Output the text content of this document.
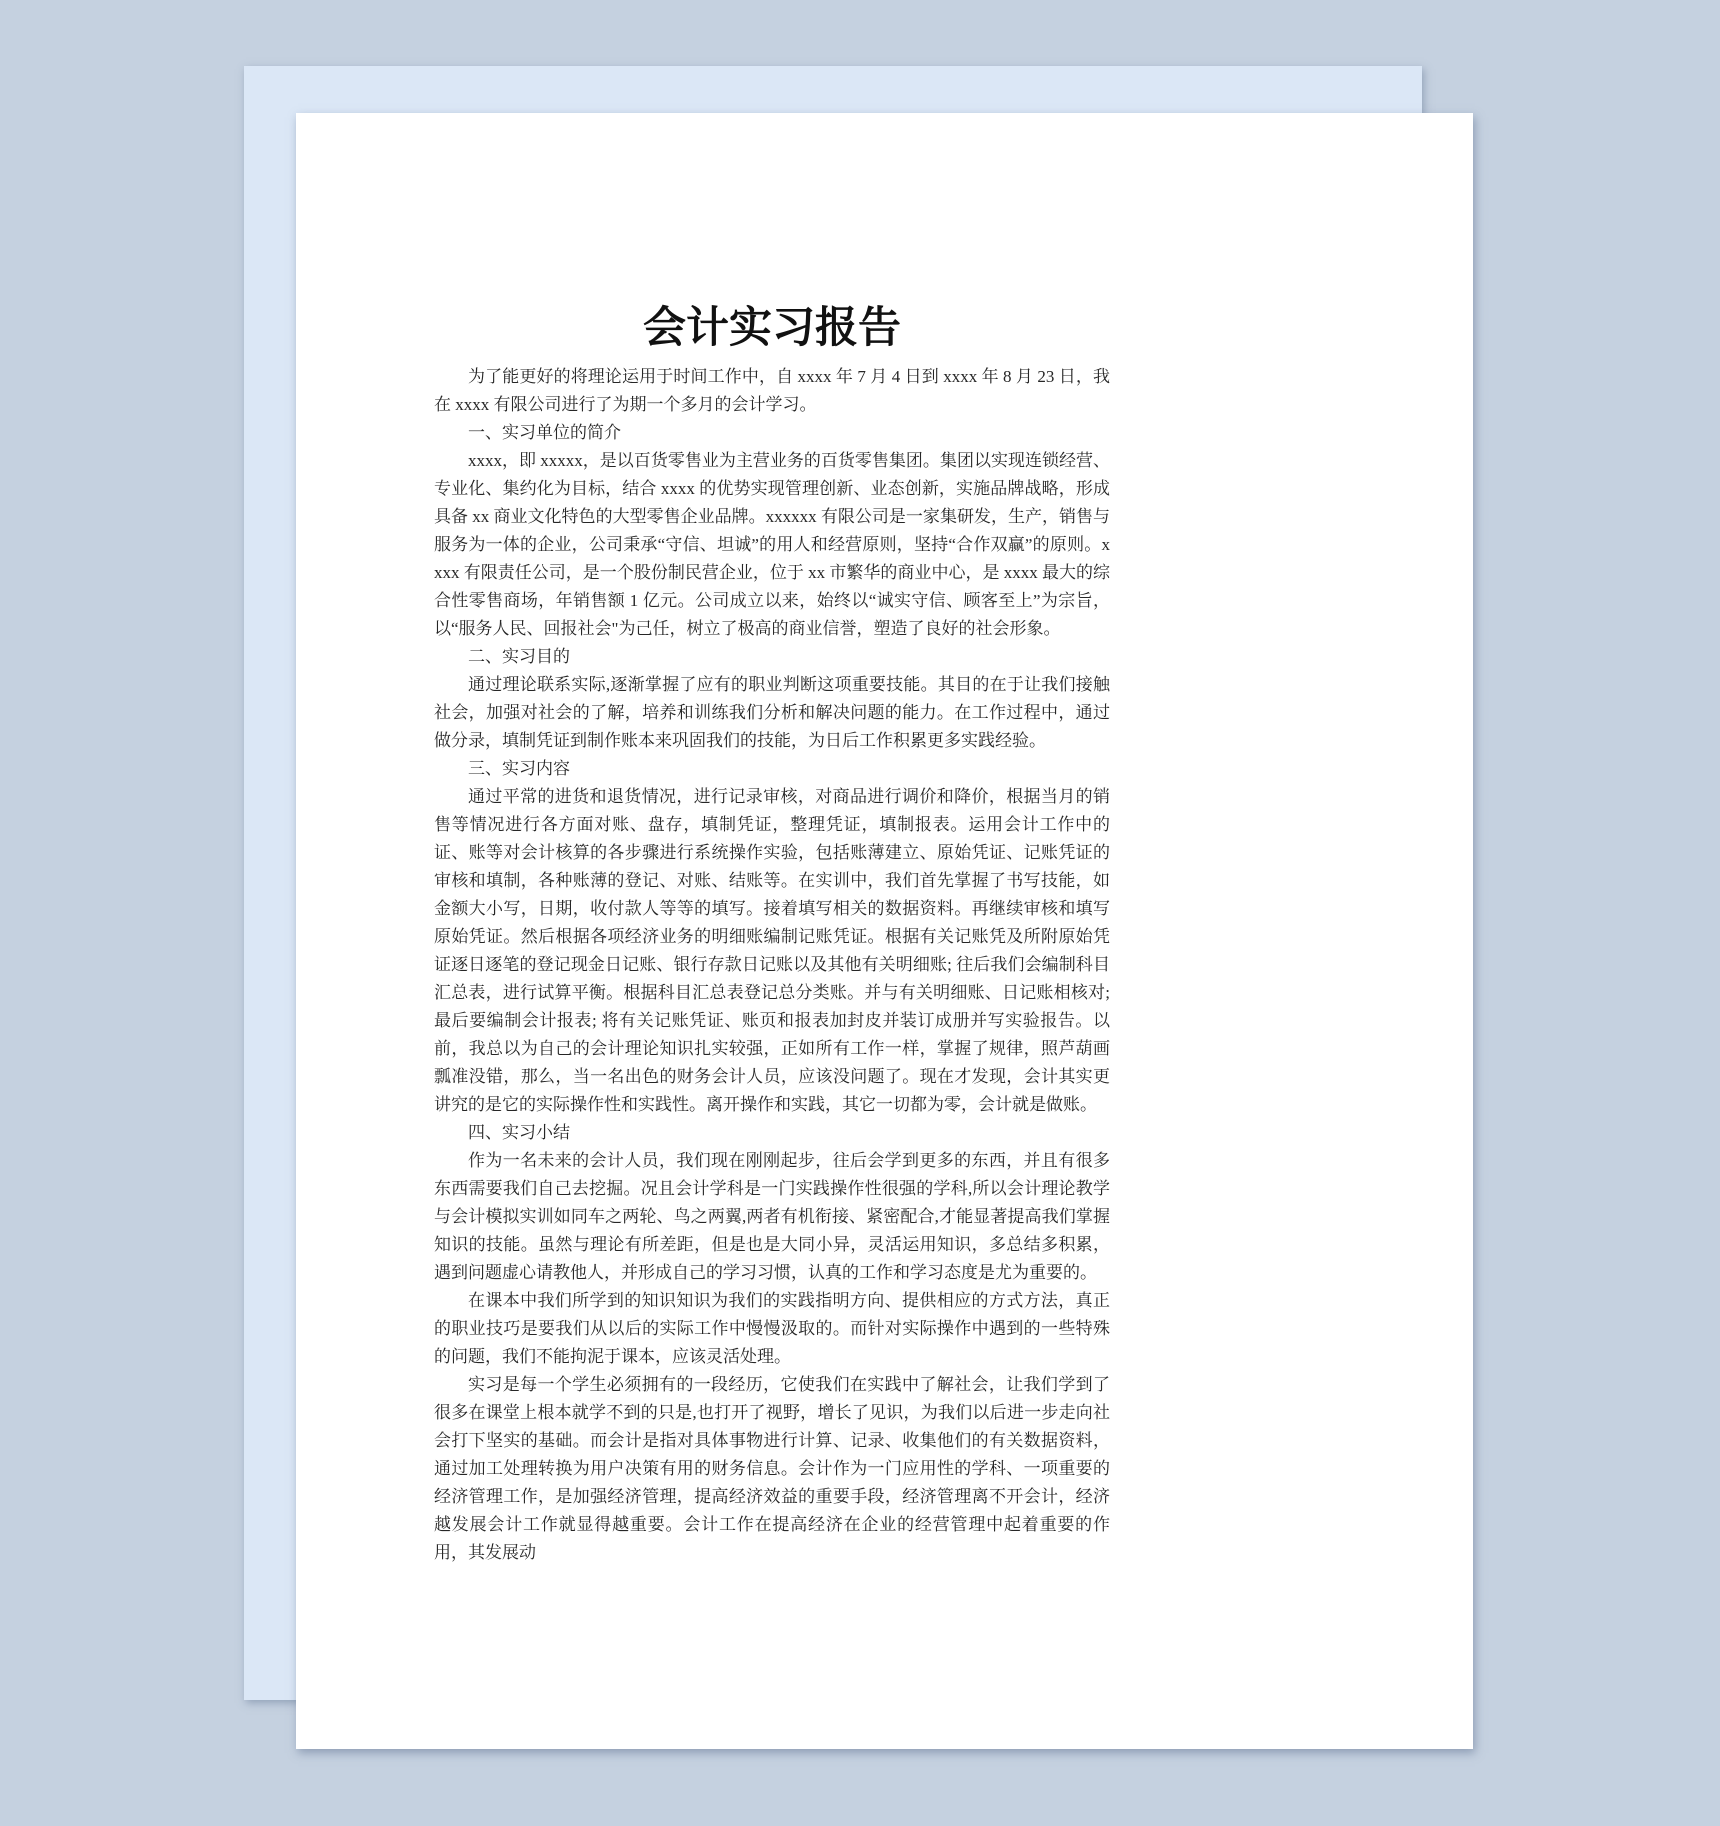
会计实习报告

为了能更好的将理论运用于时间工作中，自 xxxx 年 7 月 4 日到 xxxx 年 8 月 23 日，我在 xxxx 有限公司进行了为期一个多月的会计学习。

一、实习单位的简介

xxxx，即 xxxxx，是以百货零售业为主营业务的百货零售集团。集团以实现连锁经营、专业化、集约化为目标，结合 xxxx 的优势实现管理创新、业态创新，实施品牌战略，形成具备 xx 商业文化特色的大型零售企业品牌。xxxxxx 有限公司是一家集研发，生产，销售与服务为一体的企业，公司秉承“守信、坦诚”的用人和经营原则，坚持“合作双赢”的原则。xxxx 有限责任公司，是一个股份制民营企业，位于 xx 市繁华的商业中心，是 xxxx 最大的综合性零售商场，年销售额 1 亿元。公司成立以来，始终以“诚实守信、顾客至上”为宗旨，以“服务人民、回报社会"为己任，树立了极高的商业信誉，塑造了良好的社会形象。

二、实习目的

通过理论联系实际,逐渐掌握了应有的职业判断这项重要技能。其目的在于让我们接触社会，加强对社会的了解，培养和训练我们分析和解决问题的能力。在工作过程中，通过做分录，填制凭证到制作账本来巩固我们的技能，为日后工作积累更多实践经验。

三、实习内容

通过平常的进货和退货情况，进行记录审核，对商品进行调价和降价，根据当月的销售等情况进行各方面对账、盘存，填制凭证，整理凭证，填制报表。运用会计工作中的证、账等对会计核算的各步骤进行系统操作实验，包括账薄建立、原始凭证、记账凭证的审核和填制，各种账薄的登记、对账、结账等。在实训中，我们首先掌握了书写技能，如金额大小写，日期，收付款人等等的填写。接着填写相关的数据资料。再继续审核和填写原始凭证。然后根据各项经济业务的明细账编制记账凭证。根据有关记账凭及所附原始凭证逐日逐笔的登记现金日记账、银行存款日记账以及其他有关明细账; 往后我们会编制科目汇总表，进行试算平衡。根据科目汇总表登记总分类账。并与有关明细账、日记账相核对; 最后要编制会计报表; 将有关记账凭证、账页和报表加封皮并装订成册并写实验报告。以前，我总以为自己的会计理论知识扎实较强，正如所有工作一样，掌握了规律，照芦葫画瓢准没错，那么，当一名出色的财务会计人员，应该没问题了。现在才发现，会计其实更讲究的是它的实际操作性和实践性。离开操作和实践，其它一切都为零，会计就是做账。

四、实习小结

作为一名未来的会计人员，我们现在刚刚起步，往后会学到更多的东西，并且有很多东西需要我们自己去挖掘。况且会计学科是一门实践操作性很强的学科,所以会计理论教学与会计模拟实训如同车之两轮、鸟之两翼,两者有机衔接、紧密配合,才能显著提高我们掌握知识的技能。虽然与理论有所差距，但是也是大同小异，灵活运用知识，多总结多积累，遇到问题虚心请教他人，并形成自己的学习习惯，认真的工作和学习态度是尤为重要的。

在课本中我们所学到的知识知识为我们的实践指明方向、提供相应的方式方法，真正的职业技巧是要我们从以后的实际工作中慢慢汲取的。而针对实际操作中遇到的一些特殊的问题，我们不能拘泥于课本，应该灵活处理。

实习是每一个学生必须拥有的一段经历，它使我们在实践中了解社会，让我们学到了很多在课堂上根本就学不到的只是,也打开了视野，增长了见识，为我们以后进一步走向社会打下坚实的基础。而会计是指对具体事物进行计算、记录、收集他们的有关数据资料，通过加工处理转换为用户决策有用的财务信息。会计作为一门应用性的学科、一项重要的经济管理工作，是加强经济管理，提高经济效益的重要手段，经济管理离不开会计，经济越发展会计工作就显得越重要。会计工作在提高经济在企业的经营管理中起着重要的作用，其发展动
